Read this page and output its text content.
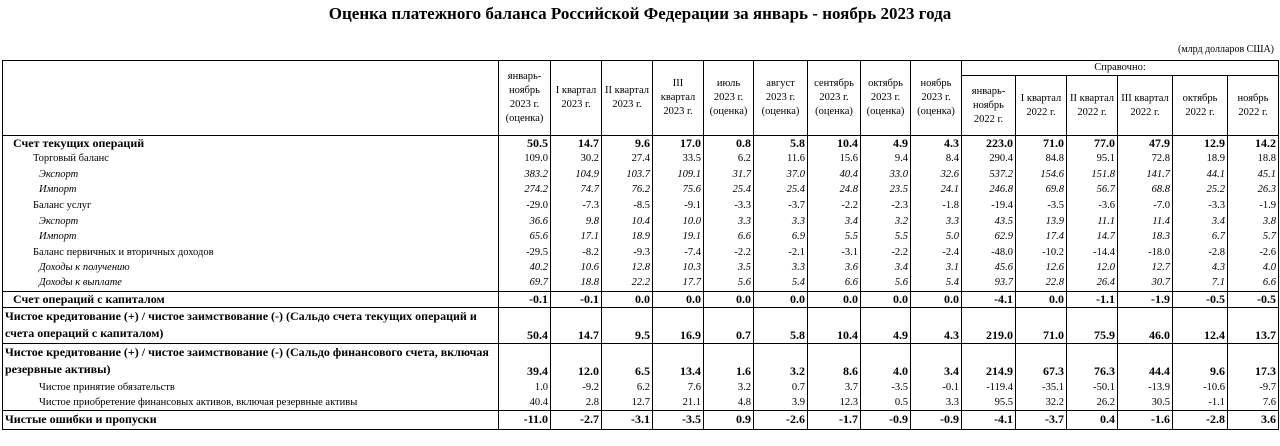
Оценка платежного баланса Российской Федерации за январь - ноябрь 2023 года
(млрд долларов США)
	январь-ноябрь 2023 г. (оценка)	I квартал 2023 г.	II квартал 2023 г.	III квартал 2023 г.	июль 2023 г. (оценка)	август 2023 г. (оценка)	сентябрь 2023 г. (оценка)	октябрь 2023 г. (оценка)	ноябрь 2023 г. (оценка)	Справочно:					
										январь-ноябрь 2022 г.	I квартал 2022 г.	II квартал 2022 г.	III квартал 2022 г.	октябрь 2022 г.	ноябрь 2022 г.
Счет текущих операций	50.5	14.7	9.6	17.0	0.8	5.8	10.4	4.9	4.3	223.0	71.0	77.0	47.9	12.9	14.2
Торговый баланс	109.0	30.2	27.4	33.5	6.2	11.6	15.6	9.4	8.4	290.4	84.8	95.1	72.8	18.9	18.8
Экспорт	383.2	104.9	103.7	109.1	31.7	37.0	40.4	33.0	32.6	537.2	154.6	151.8	141.7	44.1	45.1
Импорт	274.2	74.7	76.2	75.6	25.4	25.4	24.8	23.5	24.1	246.8	69.8	56.7	68.8	25.2	26.3
Баланс услуг	-29.0	-7.3	-8.5	-9.1	-3.3	-3.7	-2.2	-2.3	-1.8	-19.4	-3.5	-3.6	-7.0	-3.3	-1.9
Экспорт	36.6	9.8	10.4	10.0	3.3	3.3	3.4	3.2	3.3	43.5	13.9	11.1	11.4	3.4	3.8
Импорт	65.6	17.1	18.9	19.1	6.6	6.9	5.5	5.5	5.0	62.9	17.4	14.7	18.3	6.7	5.7
Баланс первичных и вторичных доходов	-29.5	-8.2	-9.3	-7.4	-2.2	-2.1	-3.1	-2.2	-2.4	-48.0	-10.2	-14.4	-18.0	-2.8	-2.6
Доходы к получению	40.2	10.6	12.8	10.3	3.5	3.3	3.6	3.4	3.1	45.6	12.6	12.0	12.7	4.3	4.0
Доходы к выплате	69.7	18.8	22.2	17.7	5.6	5.4	6.6	5.6	5.4	93.7	22.8	26.4	30.7	7.1	6.6
Счет операций с капиталом	-0.1	-0.1	0.0	0.0	0.0	0.0	0.0	0.0	0.0	-4.1	0.0	-1.1	-1.9	-0.5	-0.5
Чистое кредитование (+) / чистое заимствование (-) (Сальдо счета текущих операций и счета операций с капиталом)	50.4	14.7	9.5	16.9	0.7	5.8	10.4	4.9	4.3	219.0	71.0	75.9	46.0	12.4	13.7
Чистое кредитование (+) / чистое заимствование (-) (Сальдо финансового счета, включая резервные активы)	39.4	12.0	6.5	13.4	1.6	3.2	8.6	4.0	3.4	214.9	67.3	76.3	44.4	9.6	17.3
Чистое принятие обязательств	1.0	-9.2	6.2	7.6	3.2	0.7	3.7	-3.5	-0.1	-119.4	-35.1	-50.1	-13.9	-10.6	-9.7
Чистое приобретение финансовых активов, включая резервные активы	40.4	2.8	12.7	21.1	4.8	3.9	12.3	0.5	3.3	95.5	32.2	26.2	30.5	-1.1	7.6
Чистые ошибки и пропуски	-11.0	-2.7	-3.1	-3.5	0.9	-2.6	-1.7	-0.9	-0.9	-4.1	-3.7	0.4	-1.6	-2.8	3.6
